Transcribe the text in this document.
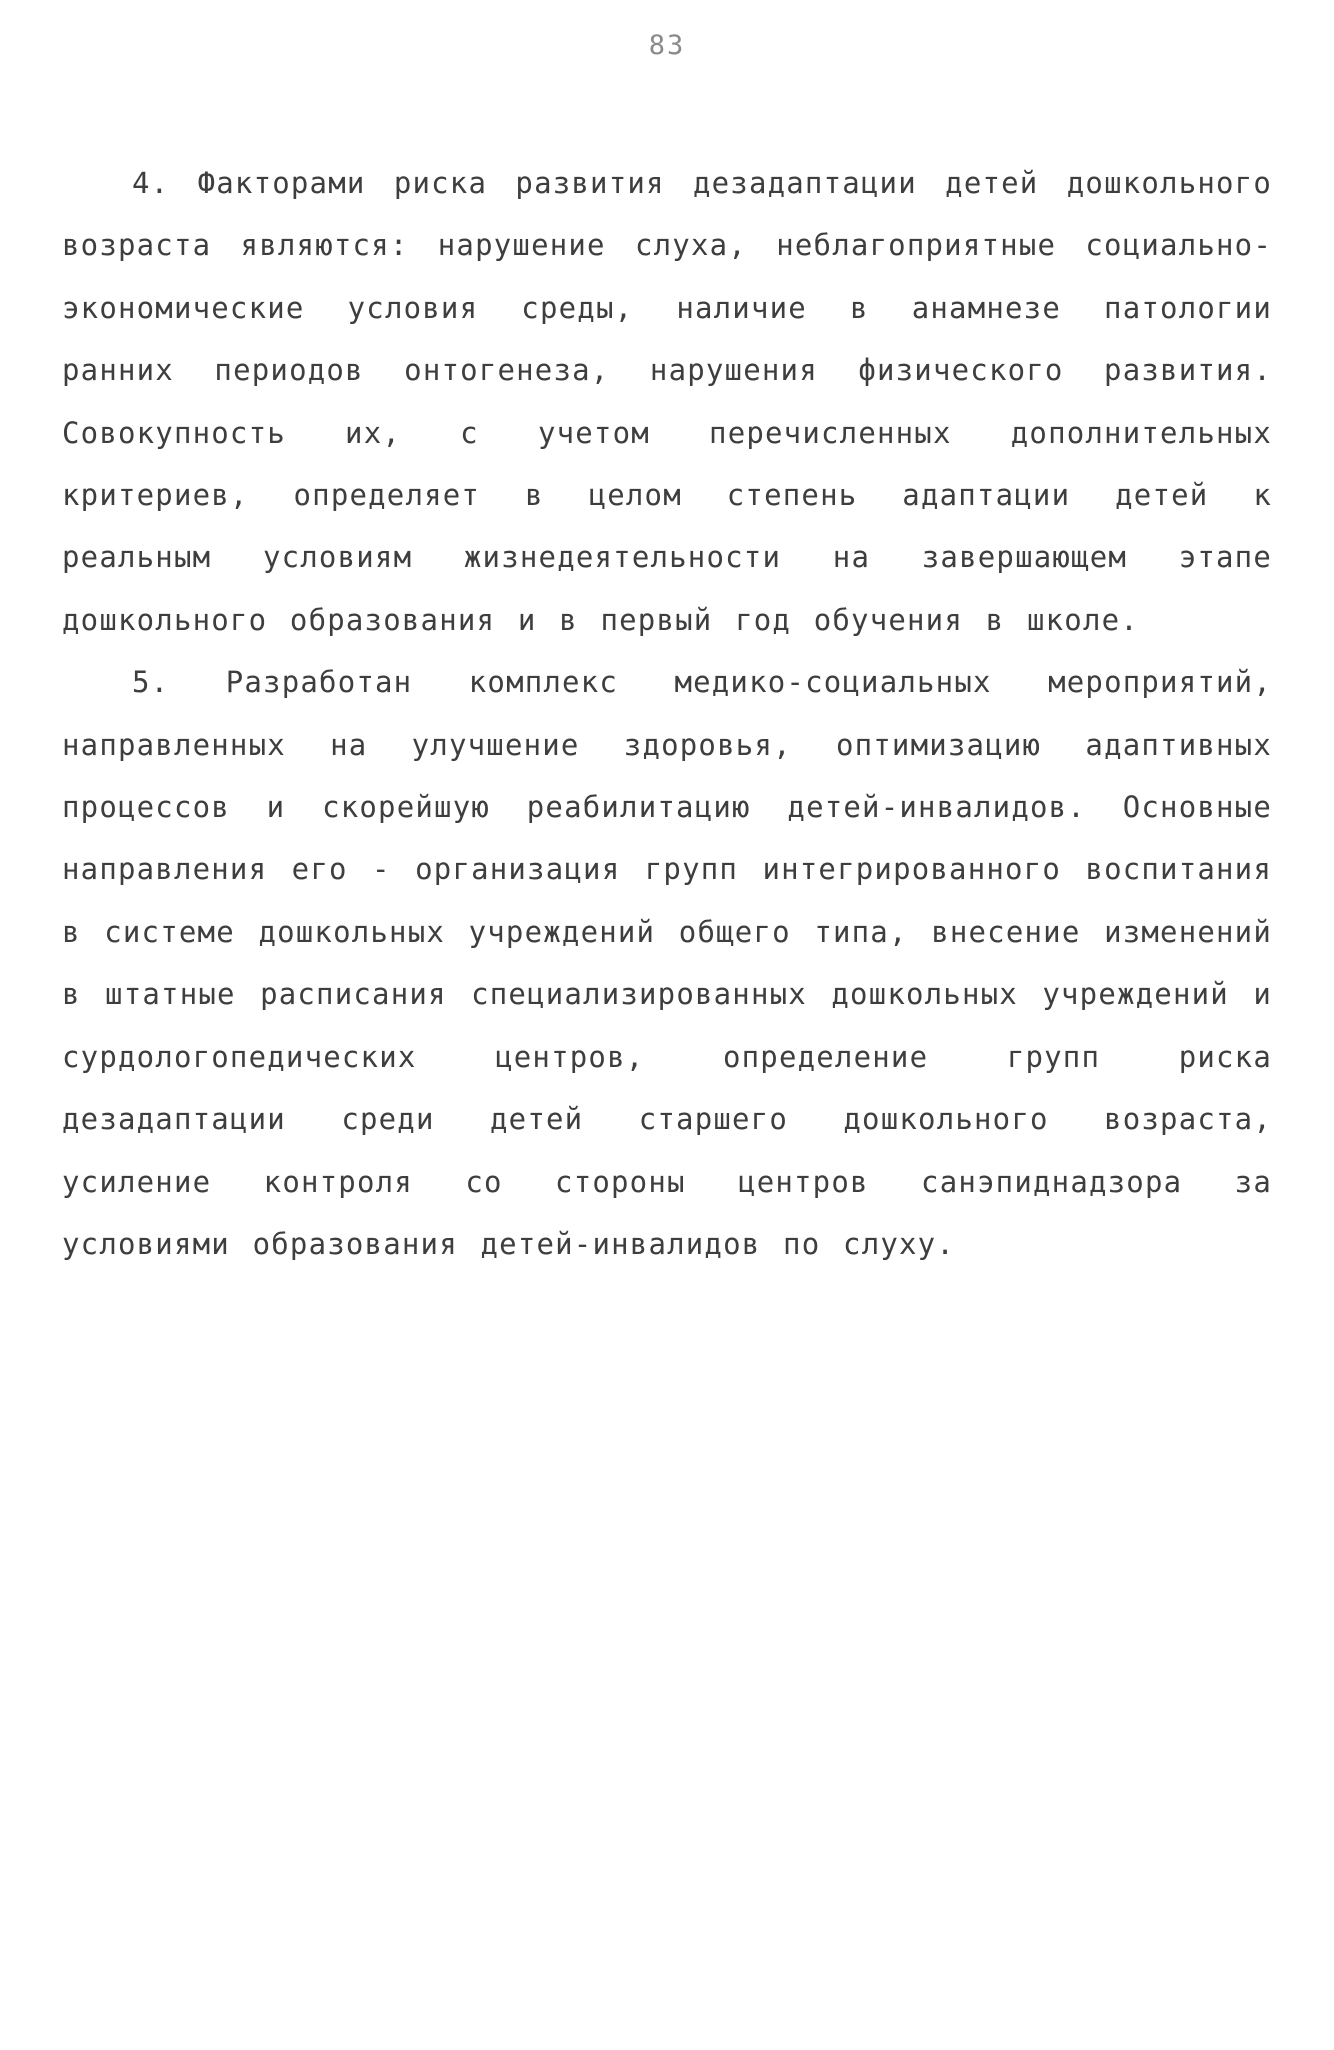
83

4. Факторами риска развития дезадаптации детей дошкольного возраста являются: нарушение слуха, неблагоприятные социально-экономические условия среды, наличие в анамнезе патологии ранних периодов онтогенеза, нарушения физического развития. Совокупность их, с учетом перечисленных дополнительных критериев, определяет в целом степень адаптации детей к реальным условиям жизнедеятельности на завершающем этапе дошкольного образования и в первый год обучения в школе.

5. Разработан комплекс медико-социальных мероприятий, направленных на улучшение здоровья, оптимизацию адаптивных процессов и скорейшую реабилитацию детей-инвалидов. Основные направления его - организация групп интегрированного воспитания в системе дошкольных учреждений общего типа, внесение изменений в штатные расписания специализированных дошкольных учреждений и сурдологопедических центров, определение групп риска дезадаптации среди детей старшего дошкольного возраста, усиление контроля со стороны центров санэпиднадзора за условиями образования детей-инвалидов по слуху.
